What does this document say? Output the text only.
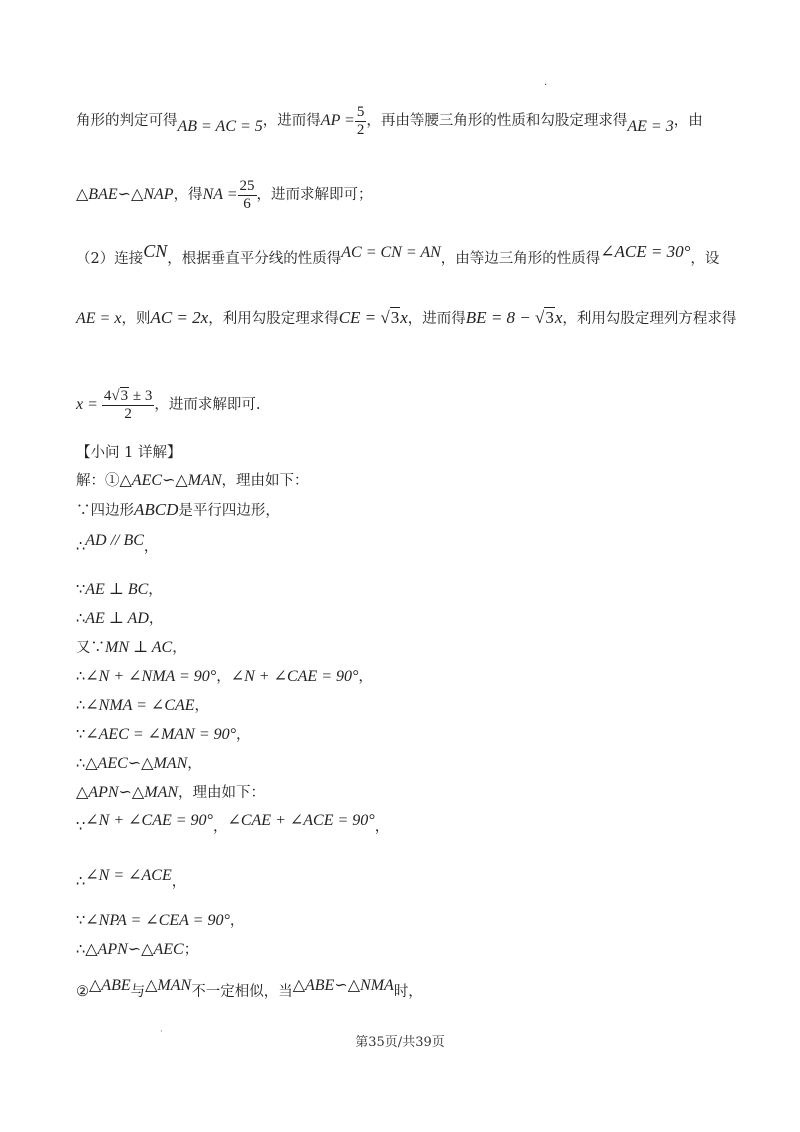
·
角形的判定可得AB = AC = 5，进而得AP = $\frac{5}{2}$ ，再由等腰三角形的性质和勾股定理求得AE = 3，由
△BAE∽△NAP，得NA = $\frac{25}{6}$ ，进而求解即可；
（2）连接CN，根据垂直平分线的性质得AC = CN = AN，由等边三角形的性质得∠ACE = 30°，设
AE = x，则AC = 2x，利用勾股定理求得CE = √3x，进而得BE = 8 − √3x，利用勾股定理列方程求得
$x = \frac{4√3 \pm 3}{2}$ ，进而求解即可.
【小问 1 详解】
解：①△AEC∽△MAN，理由如下：
∵四边形ABCD是平行四边形，
∴AD // BC，
∵AE ⊥ BC，
∴AE ⊥ AD，
又∵MN ⊥ AC，
∴∠N + ∠NMA = 90°，∠N + ∠CAE = 90°，
∴∠NMA = ∠CAE，
∵∠AEC = ∠MAN = 90°，
∴△AEC∽△MAN，
△APN∽△MAN，理由如下：
∵∠N + ∠CAE = 90°，∠CAE + ∠ACE = 90°，
∴∠N = ∠ACE，
∵∠NPA = ∠CEA = 90°，
∴△APN∽△AEC；
②△ABE与△MAN不一定相似，当△ABE∽△NMA时，
·
第35页/共39页
